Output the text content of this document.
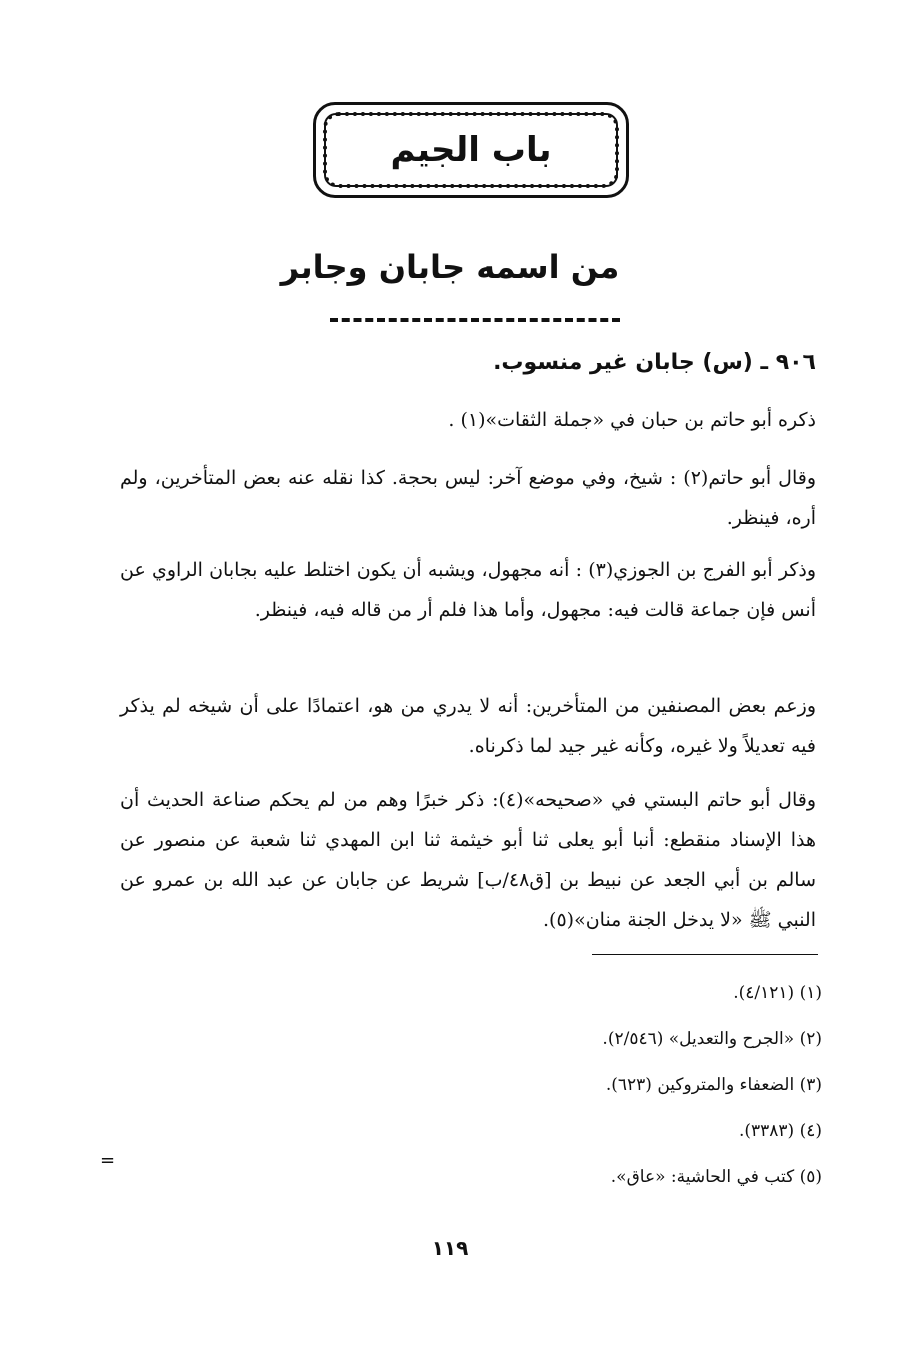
باب الجيم
من اسمه جابان وجابر
٩٠٦ ـ (س) جابان غير منسوب.

ذكره أبو حاتم بن حبان في «جملة الثقات»(١) .

وقال أبو حاتم(٢) : شيخ، وفي موضع آخر: ليس بحجة. كذا نقله عنه بعض المتأخرين، ولم أره، فينظر.

وذكر أبو الفرج بن الجوزي(٣) : أنه مجهول، ويشبه أن يكون اختلط عليه بجابان الراوي عن أنس فإن جماعة قالت فيه: مجهول، وأما هذا فلم أر من قاله فيه، فينظر.

وزعم بعض المصنفين من المتأخرين: أنه لا يدري من هو، اعتمادًا على أن شيخه لم يذكر فيه تعديلاً ولا غيره، وكأنه غير جيد لما ذكرناه.

وقال أبو حاتم البستي في «صحيحه»(٤): ذكر خبرًا وهم من لم يحكم صناعة الحديث أن هذا الإسناد منقطع: أنبا أبو يعلى ثنا أبو خيثمة ثنا ابن المهدي ثنا شعبة عن منصور عن سالم بن أبي الجعد عن نبيط بن [ق٤٨/ب] شريط عن جابان عن عبد الله بن عمرو عن النبي ﷺ «لا يدخل الجنة منان»(٥).

(١) (٤/١٢١).
(٢) «الجرح والتعديل» (٢/٥٤٦).
(٣) الضعفاء والمتروكين (٦٢٣).
(٤) (٣٣٨٣).
(٥) كتب في الحاشية: «عاق».
=
١١٩
